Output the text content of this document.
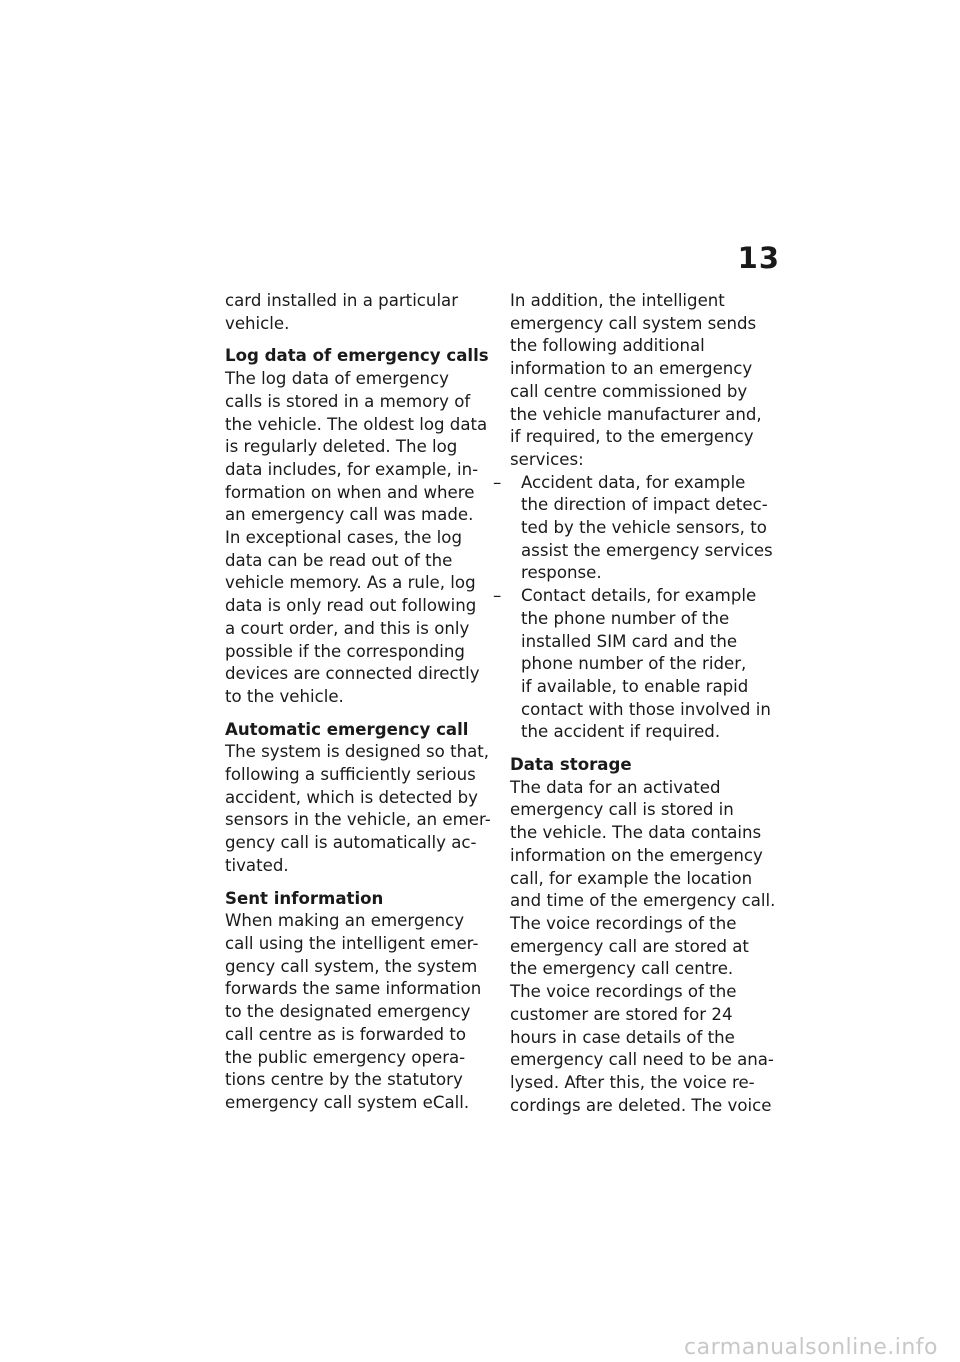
13
card installed in a particular
vehicle.
Log data of emergency calls
The log data of emergency
calls is stored in a memory of
the vehicle. The oldest log data
is regularly deleted. The log
data includes, for example, in-
formation on when and where
an emergency call was made.
In exceptional cases, the log
data can be read out of the
vehicle memory. As a rule, log
data is only read out following
a court order, and this is only
possible if the corresponding
devices are connected directly
to the vehicle.
Automatic emergency call
The system is designed so that,
following a sufficiently serious
accident, which is detected by
sensors in the vehicle, an emer-
gency call is automatically ac-
tivated.
Sent information
When making an emergency
call using the intelligent emer-
gency call system, the system
forwards the same information
to the designated emergency
call centre as is forwarded to
the public emergency opera-
tions centre by the statutory
emergency call system eCall.
In addition, the intelligent
emergency call system sends
the following additional
information to an emergency
call centre commissioned by
the vehicle manufacturer and,
if required, to the emergency
services:
– Accident data, for example
the direction of impact detec-
ted by the vehicle sensors, to
assist the emergency services
response.
– Contact details, for example
the phone number of the
installed SIM card and the
phone number of the rider,
if available, to enable rapid
contact with those involved in
the accident if required.
Data storage
The data for an activated
emergency call is stored in
the vehicle. The data contains
information on the emergency
call, for example the location
and time of the emergency call.
The voice recordings of the
emergency call are stored at
the emergency call centre.
The voice recordings of the
customer are stored for 24
hours in case details of the
emergency call need to be ana-
lysed. After this, the voice re-
cordings are deleted. The voice
carmanualsonline.info
